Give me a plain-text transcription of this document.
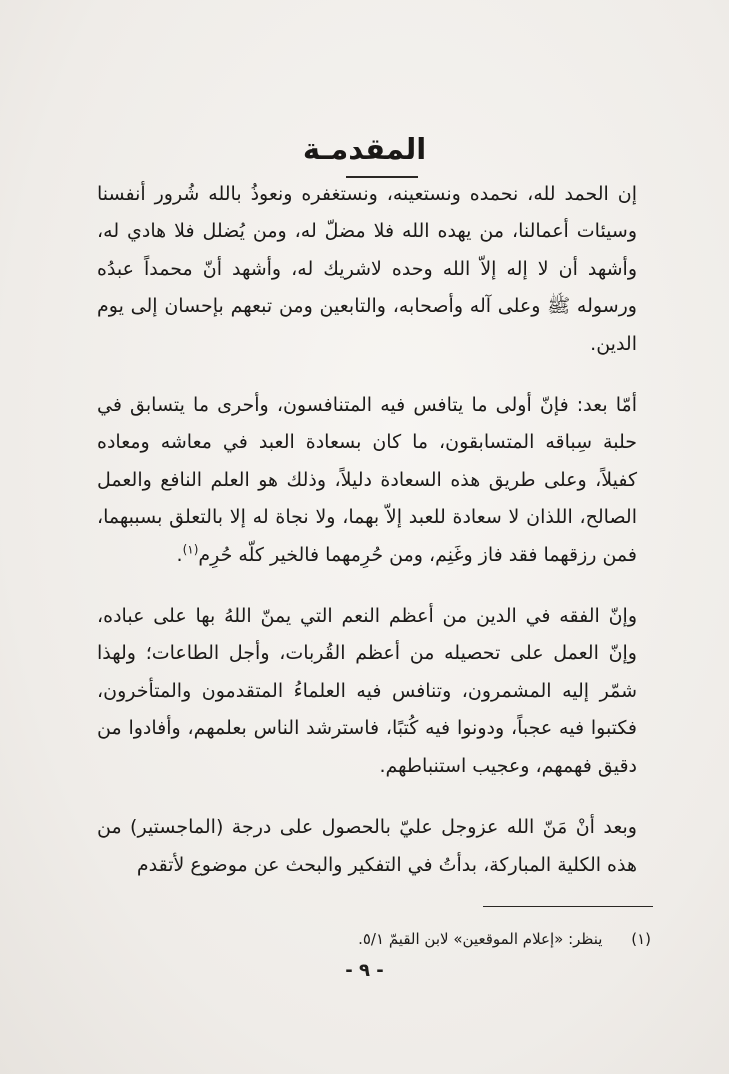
المقدمـة

إن الحمد لله، نحمده ونستعينه، ونستغفره ونعوذُ بالله شُرور أنفسنا وسيئات أعمالنا، من يهده الله فلا مضلّ له، ومن يُضلل فلا هادي له، وأشهد أن لا إله إلاّ الله وحده لاشريك له، وأشهد أنّ محمداً عبدُه ورسوله ﷺ وعلى آله وأصحابه، والتابعين ومن تبعهم بإحسان إلى يوم الدين.

أمّا بعد: فإنّ أولى ما يتافس فيه المتنافسون، وأحرى ما يتسابق في حلبة سِباقه المتسابقون، ما كان بسعادة العبد في معاشه ومعاده كفيلاً، وعلى طريق هذه السعادة دليلاً، وذلك هو العلم النافع والعمل الصالح، اللذان لا سعادة للعبد إلاّ بهما، ولا نجاة له إلا بالتعلق بسببهما، فمن رزقهما فقد فاز وغَنِم، ومن حُرِمهما فالخير كلّه حُرِم$^{(١)}$.

وإنّ الفقه في الدين من أعظم النعم التي يمنّ اللهُ بها على عباده، وإنّ العمل على تحصيله من أعظم القُربات، وأجل الطاعات؛ ولهذا شمّر إليه المشمرون، وتنافس فيه العلماءُ المتقدمون والمتأخرون، فكتبوا فيه عجباً، ودونوا فيه كُتبًا، فاسترشد الناس بعلمهم، وأفادوا من دقيق فهمهم، وعجيب استنباطهم.

وبعد أنْ مَنّ الله عزوجل عليّ بالحصول على درجة (الماجستير) من هذه الكلية المباركة، بدأتُ في التفكير والبحث عن موضوع لأتقدم

(١) ينظر: «إعلام الموقعين» لابن القيمّ ٥/١.
- ٩ -
